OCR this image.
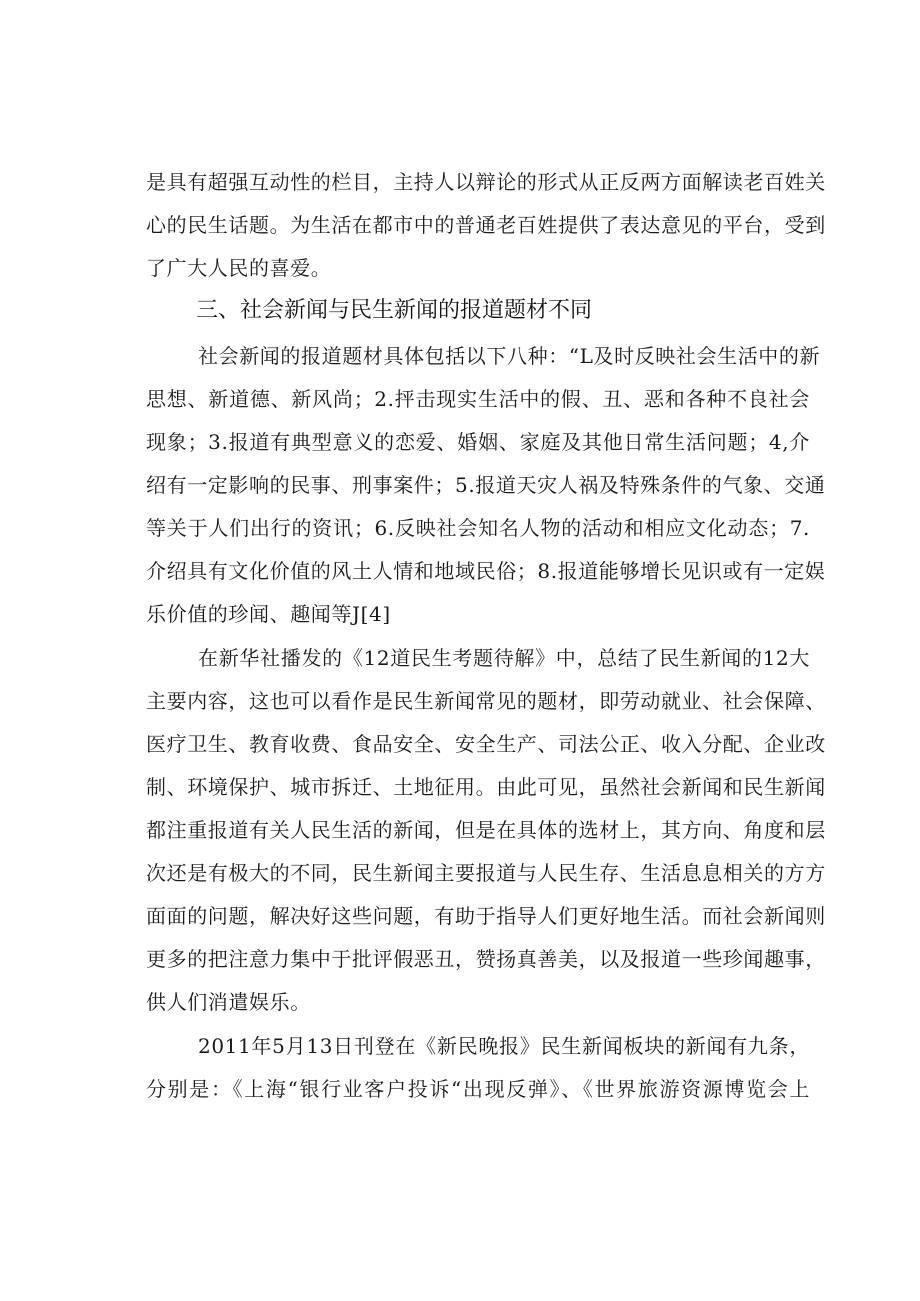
是具有超强互动性的栏目，主持人以辩论的形式从正反两方面解读老百姓关
心的民生话题。为生活在都市中的普通老百姓提供了表达意见的平台，受到
了广大人民的喜爱。
三、社会新闻与民生新闻的报道题材不同
社会新闻的报道题材具体包括以下八种：“L及时反映社会生活中的新
思想、新道德、新风尚；2.抨击现实生活中的假、丑、恶和各种不良社会
现象；3.报道有典型意义的恋爱、婚姻、家庭及其他日常生活问题；4,介
绍有一定影响的民事、刑事案件；5.报道天灾人祸及特殊条件的气象、交通
等关于人们出行的资讯；6.反映社会知名人物的活动和相应文化动态；7.
介绍具有文化价值的风土人情和地域民俗；8.报道能够增长见识或有一定娱
乐价值的珍闻、趣闻等J[4]
在新华社播发的《12道民生考题待解》中，总结了民生新闻的12大
主要内容，这也可以看作是民生新闻常见的题材，即劳动就业、社会保障、
医疗卫生、教育收费、食品安全、安全生产、司法公正、收入分配、企业改
制、环境保护、城市拆迁、土地征用。由此可见，虽然社会新闻和民生新闻
都注重报道有关人民生活的新闻，但是在具体的选材上，其方向、角度和层
次还是有极大的不同，民生新闻主要报道与人民生存、生活息息相关的方方
面面的问题，解决好这些问题，有助于指导人们更好地生活。而社会新闻则
更多的把注意力集中于批评假恶丑，赞扬真善美，以及报道一些珍闻趣事，
供人们消遣娱乐。
2011年5月13日刊登在《新民晚报》民生新闻板块的新闻有九条，
分别是：《上海“银行业客户投诉“出现反弹》、《世界旅游资源博览会上
